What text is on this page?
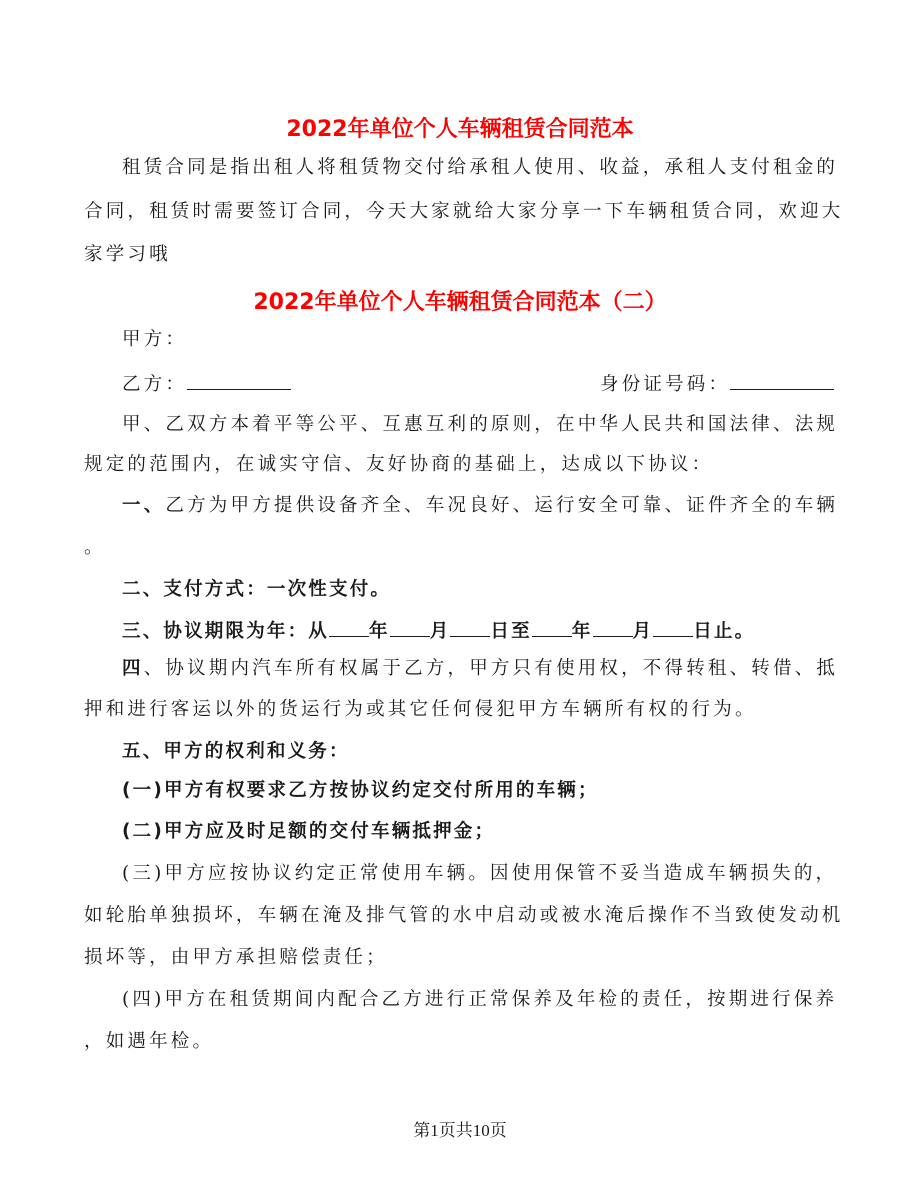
2022年单位个人车辆租赁合同范本
租赁合同是指出租人将租赁物交付给承租人使用、收益，承租人支付租金的
合同，租赁时需要签订合同，今天大家就给大家分享一下车辆租赁合同，欢迎大
家学习哦
2022年单位个人车辆租赁合同范本（二）
甲方：
乙方：	身份证号码：
甲、乙双方本着平等公平、互惠互利的原则，在中华人民共和国法律、法规
规定的范围内，在诚实守信、友好协商的基础上，达成以下协议：
一、乙方为甲方提供设备齐全、车况良好、运行安全可靠、证件齐全的车辆
。
二、支付方式：一次性支付。
三、协议期限为年：从 年 月 日至 年 月 日止。
四、协议期内汽车所有权属于乙方，甲方只有使用权，不得转租、转借、抵
押和进行客运以外的货运行为或其它任何侵犯甲方车辆所有权的行为。
五、甲方的权利和义务：
(一)甲方有权要求乙方按协议约定交付所用的车辆；
(二)甲方应及时足额的交付车辆抵押金；
(三)甲方应按协议约定正常使用车辆。因使用保管不妥当造成车辆损失的，
如轮胎单独损坏，车辆在淹及排气管的水中启动或被水淹后操作不当致使发动机
损坏等，由甲方承担赔偿责任；
(四)甲方在租赁期间内配合乙方进行正常保养及年检的责任，按期进行保养
，如遇年检。
第1页共10页
